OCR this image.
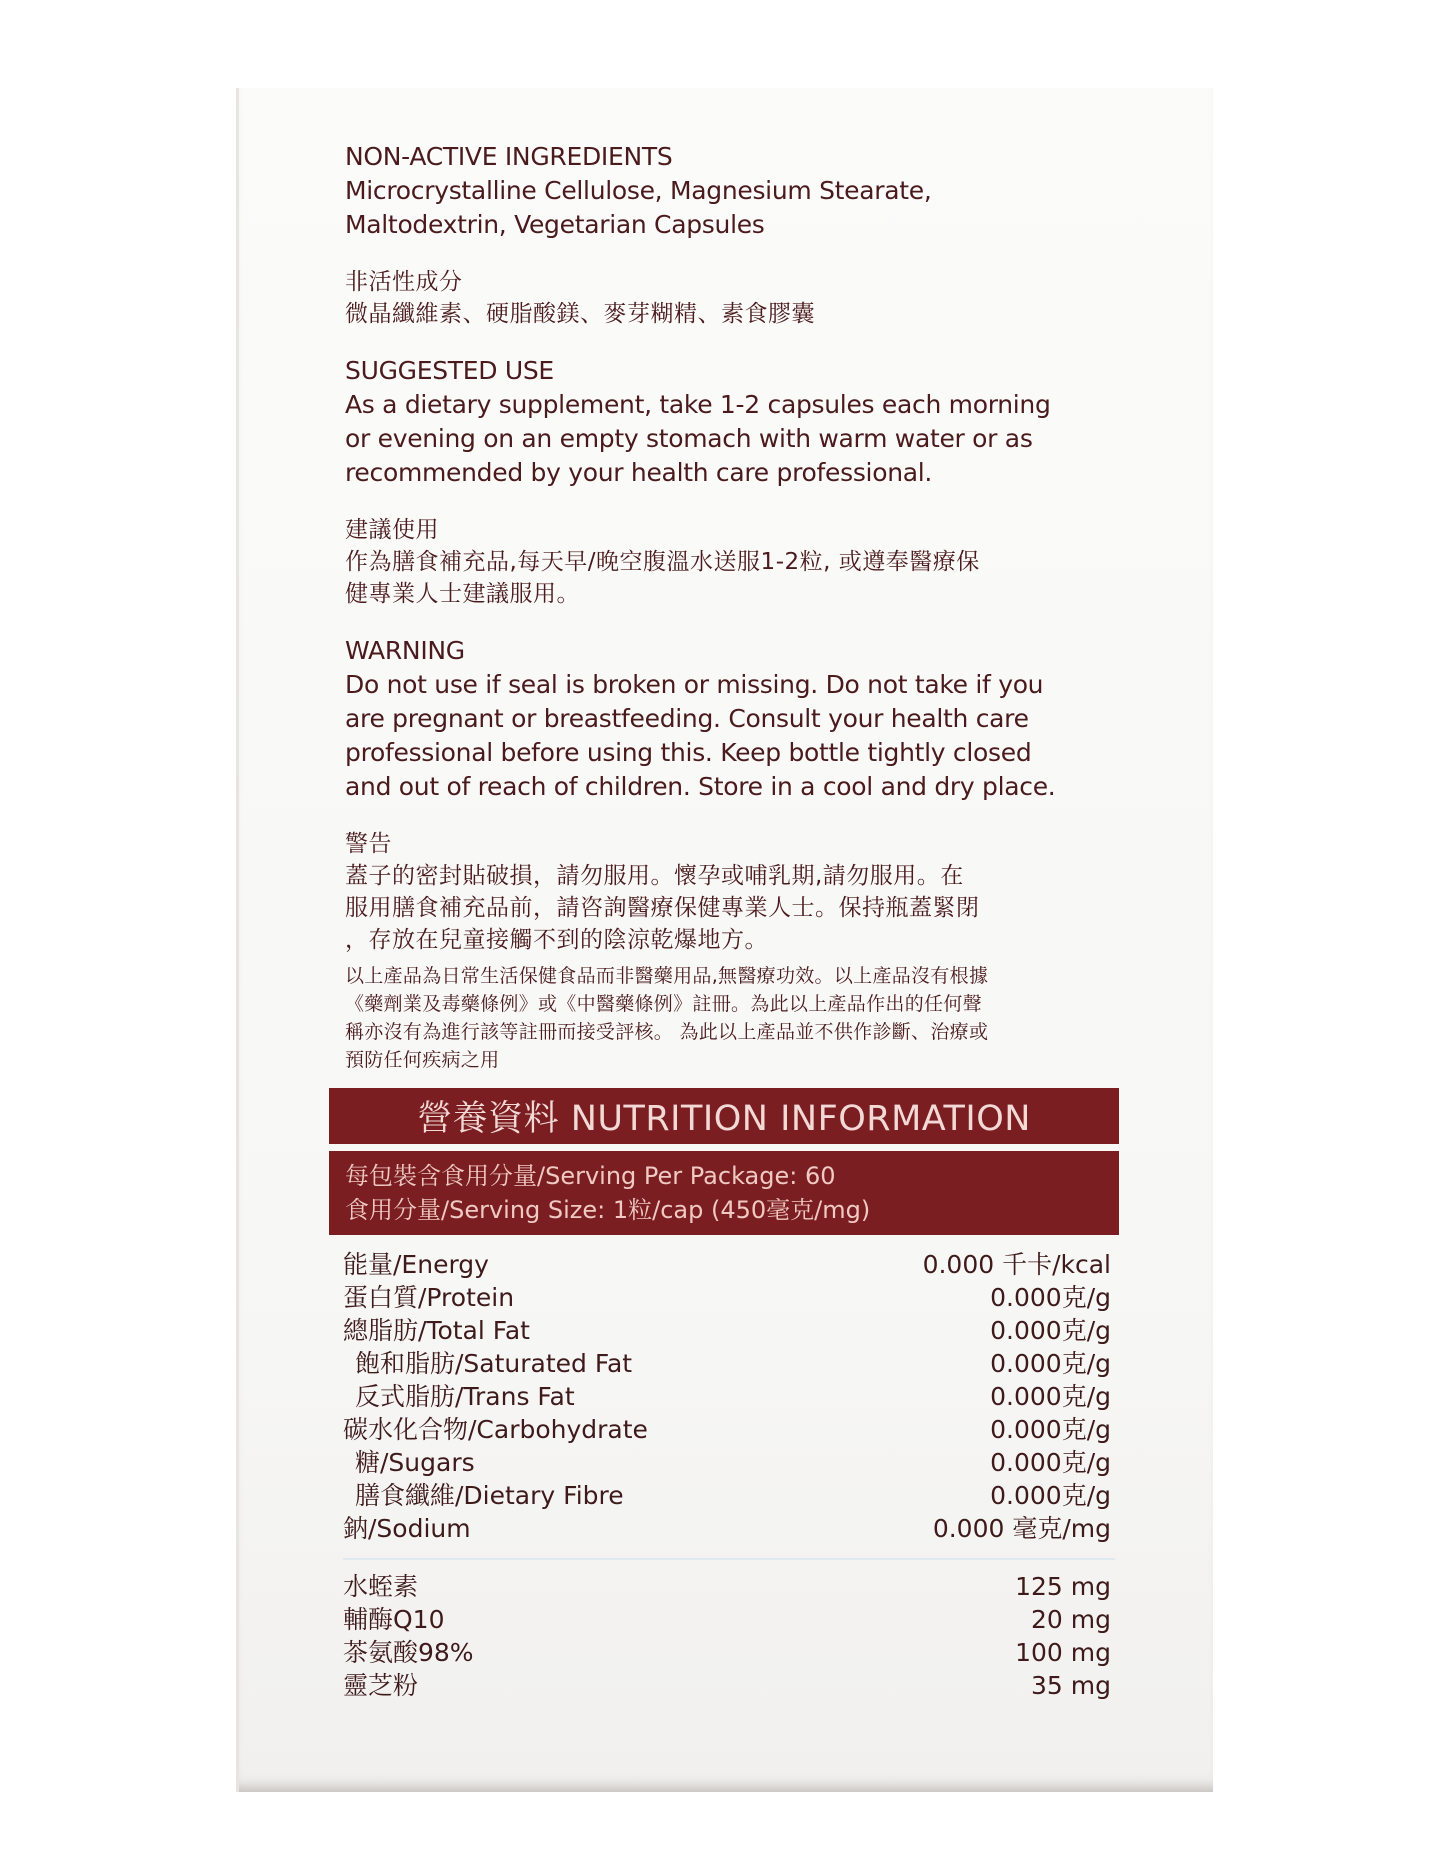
NON-ACTIVE INGREDIENTS
Microcrystalline Cellulose, Magnesium Stearate,
Maltodextrin, Vegetarian Capsules
非活性成分
微晶纖維素、硬脂酸鎂、麥芽糊精、素食膠囊
SUGGESTED USE
As a dietary supplement, take 1-2 capsules each morning
or evening on an empty stomach with warm water or as
recommended by your health care professional.
建議使用
作為膳食補充品,每天早/晚空腹溫水送服1-2粒, 或遵奉醫療保
健專業人士建議服用。
WARNING
Do not use if seal is broken or missing. Do not take if you
are pregnant or breastfeeding. Consult your health care
professional before using this. Keep bottle tightly closed
and out of reach of children. Store in a cool and dry place.
警告
蓋子的密封貼破損，請勿服用。懷孕或哺乳期,請勿服用。在
服用膳食補充品前，請咨詢醫療保健專業人士。保持瓶蓋緊閉
，存放在兒童接觸不到的陰涼乾爆地方。
以上產品為日常生活保健食品而非醫藥用品,無醫療功效。以上產品沒有根據
《藥劑業及毒藥條例》或《中醫藥條例》註冊。為此以上產品作出的任何聲
稱亦沒有為進行該等註冊而接受評核。 為此以上產品並不供作診斷、治療或
預防任何疾病之用
營養資料 NUTRITION INFORMATION
每包裝含食用分量/Serving Per Package: 60
食用分量/Serving Size: 1粒/cap (450毫克/mg)
能量/Energy	0.000 千卡/kcal
蛋白質/Protein	0.000克/g
總脂肪/Total Fat	0.000克/g
飽和脂肪/Saturated Fat	0.000克/g
反式脂肪/Trans Fat	0.000克/g
碳水化合物/Carbohydrate	0.000克/g
糖/Sugars	0.000克/g
膳食纖維/Dietary Fibre	0.000克/g
鈉/Sodium	0.000 毫克/mg
水蛭素	125 mg
輔酶Q10	20 mg
茶氨酸98%	100 mg
靈芝粉	35 mg
